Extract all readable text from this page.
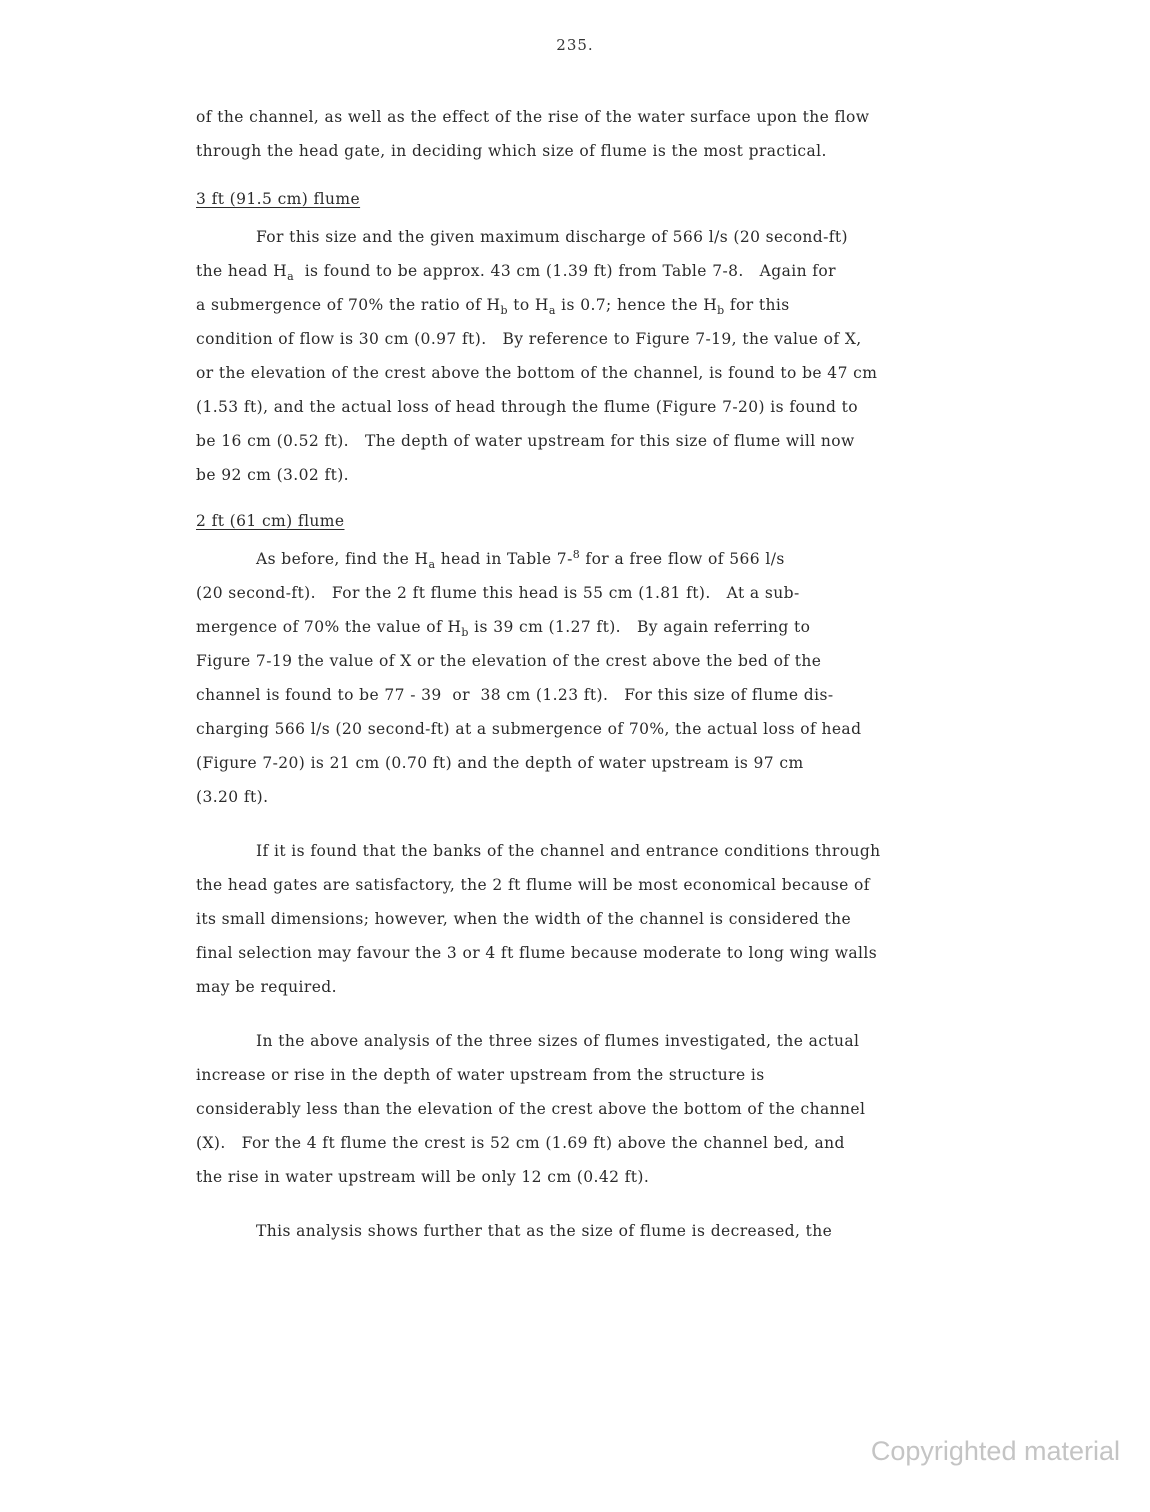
235.
of the channel, as well as the effect of the rise of the water surface upon the flow
through the head gate, in deciding which size of flume is the most practical.
3 ft (91.5 cm) flume
For this size and the given maximum discharge of 566 l/s (20 second-ft)
the head $H_a$  is found to be approx. 43 cm (1.39 ft) from Table 7-8.   Again for
a submergence of 70% the ratio of $H_b$ to $H_a$ is 0.7; hence the $H_b$ for this
condition of flow is 30 cm (0.97 ft).   By reference to Figure 7-19, the value of X,
or the elevation of the crest above the bottom of the channel, is found to be 47 cm
(1.53 ft), and the actual loss of head through the flume (Figure 7-20) is found to
be 16 cm (0.52 ft).   The depth of water upstream for this size of flume will now
be 92 cm (3.02 ft).
2 ft (61 cm) flume
As before, find the $H_a$ head in Table 7-$^8$ for a free flow of 566 l/s
(20 second-ft).   For the 2 ft flume this head is 55 cm (1.81 ft).   At a sub-
mergence of 70% the value of $H_b$ is 39 cm (1.27 ft).   By again referring to
Figure 7-19 the value of X or the elevation of the crest above the bed of the
channel is found to be 77 - 39  or  38 cm (1.23 ft).   For this size of flume dis-
charging 566 l/s (20 second-ft) at a submergence of 70%, the actual loss of head
(Figure 7-20) is 21 cm (0.70 ft) and the depth of water upstream is 97 cm
(3.20 ft).
If it is found that the banks of the channel and entrance conditions through
the head gates are satisfactory, the 2 ft flume will be most economical because of
its small dimensions; however, when the width of the channel is considered the
final selection may favour the 3 or 4 ft flume because moderate to long wing walls
may be required.
In the above analysis of the three sizes of flumes investigated, the actual
increase or rise in the depth of water upstream from the structure is
considerably less than the elevation of the crest above the bottom of the channel
(X).   For the 4 ft flume the crest is 52 cm (1.69 ft) above the channel bed, and
the rise in water upstream will be only 12 cm (0.42 ft).
This analysis shows further that as the size of flume is decreased, the
Copyrighted material
